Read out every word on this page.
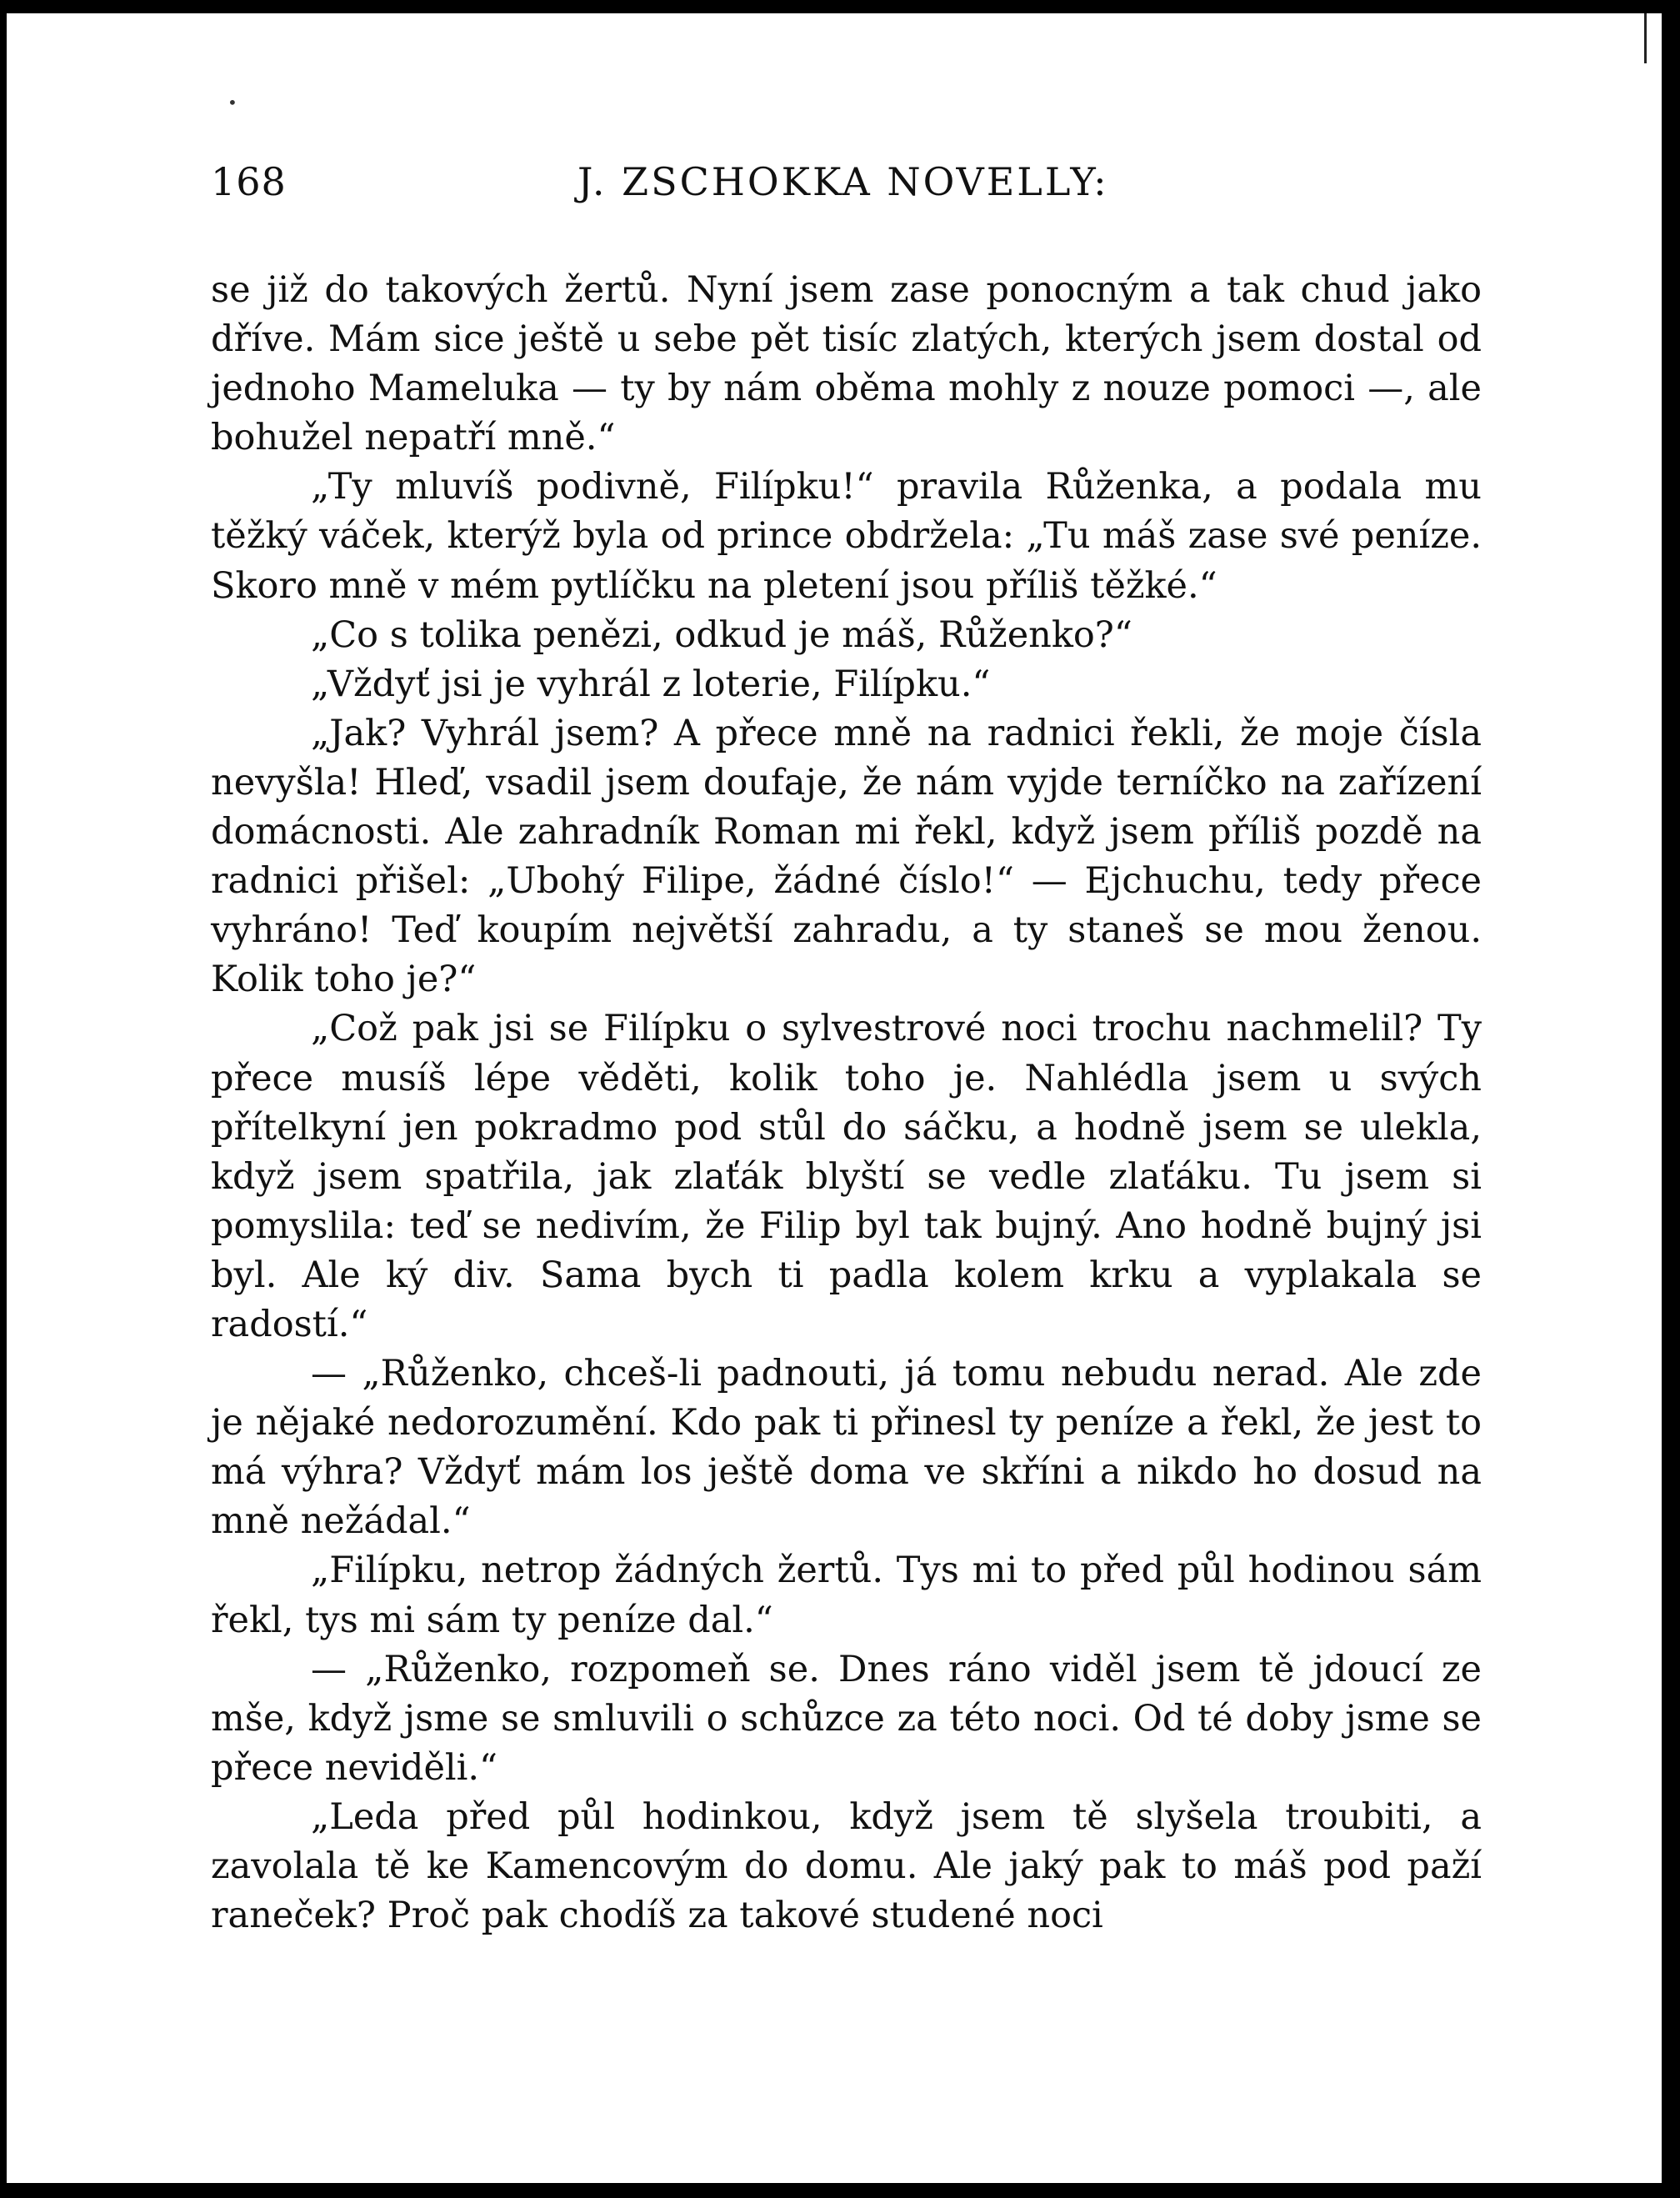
•
168	J. ZSCHOKKA NOVELLY:

se již do takových žertů. Nyní jsem zase ponocným a tak chud jako dříve. Mám sice ještě u sebe pět tisíc zlatých, kterých jsem dostal od jednoho Mameluka — ty by nám oběma mohly z nouze pomoci —, ale bohužel nepatří mně.“

„Ty mluvíš podivně, Filípku!“ pravila Růženka, a podala mu těžký váček, kterýž byla od prince obdržela: „Tu máš zase své peníze. Skoro mně v mém pytlíčku na pletení jsou příliš těžké.“

„Co s tolika penězi, odkud je máš, Růženko?“

„Vždyť jsi je vyhrál z loterie, Filípku.“

„Jak? Vyhrál jsem? A přece mně na radnici řekli, že moje čísla nevyšla! Hleď, vsadil jsem doufaje, že nám vyjde terníčko na zařízení domácnosti. Ale zahradník Roman mi řekl, když jsem příliš pozdě na radnici přišel: „Ubohý Filipe, žádné číslo!“ — Ejchuchu, tedy přece vyhráno! Teď koupím největší zahradu, a ty staneš se mou ženou. Kolik toho je?“

„Což pak jsi se Filípku o sylvestrové noci trochu nachmelil? Ty přece musíš lépe věděti, kolik toho je. Nahlédla jsem u svých přítelkyní jen pokradmo pod stůl do sáčku, a hodně jsem se ulekla, když jsem spatřila, jak zlaťák blyští se vedle zlaťáku. Tu jsem si pomyslila: teď se nedivím, že Filip byl tak bujný. Ano hodně bujný jsi byl. Ale ký div. Sama bych ti padla kolem krku a vyplakala se radostí.“

— „Růženko, chceš-li padnouti, já tomu nebudu nerad. Ale zde je nějaké nedorozumění. Kdo pak ti přinesl ty peníze a řekl, že jest to má výhra? Vždyť mám los ještě doma ve skříni a nikdo ho dosud na mně nežádal.“

„Filípku, netrop žádných žertů. Tys mi to před půl hodinou sám řekl, tys mi sám ty peníze dal.“

— „Růženko, rozpomeň se. Dnes ráno viděl jsem tě jdoucí ze mše, když jsme se smluvili o schůzce za této noci. Od té doby jsme se přece neviděli.“

„Leda před půl hodinkou, když jsem tě slyšela troubiti, a zavolala tě ke Kamencovým do domu. Ale jaký pak to máš pod paží raneček? Proč pak chodíš za takové studené noci
